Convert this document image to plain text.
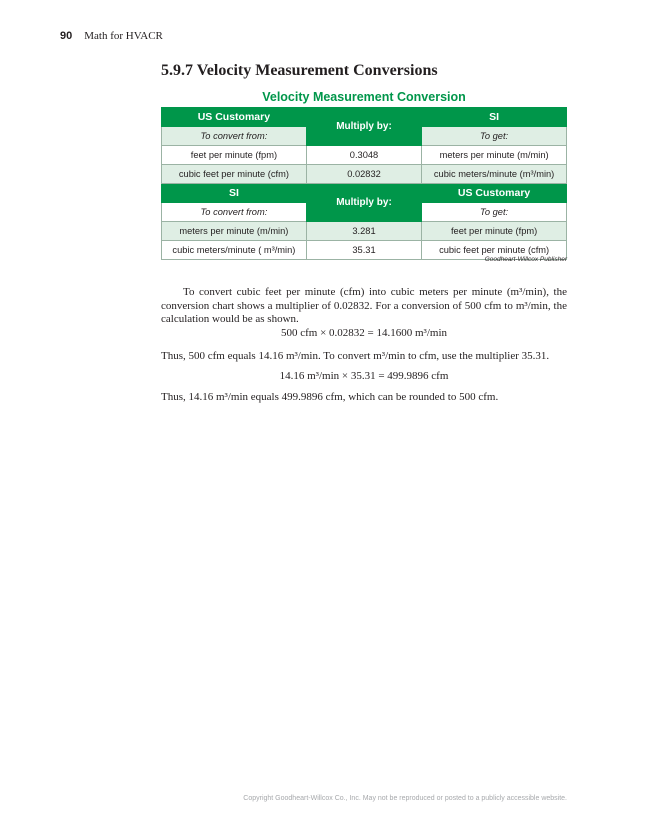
90 Math for HVACR
5.9.7 Velocity Measurement Conversions
Velocity Measurement Conversion
US Customary	Multiply by:	SI
To convert from:		To get:
feet per minute (fpm)	0.3048	meters per minute (m/min)
cubic feet per minute (cfm)	0.02832	cubic meters/minute (m³/min)
SI	Multiply by:	US Customary
To convert from:		To get:
meters per minute (m/min)	3.281	feet per minute (fpm)
cubic meters/minute ( m³/min)	35.31	cubic feet per minute (cfm)
Goodheart-Willcox Publisher

To convert cubic feet per minute (cfm) into cubic meters per minute (m³/min), the conversion chart shows a multiplier of 0.02832. For a conversion of 500 cfm to m³/min, the calculation would be as shown.

500 cfm × 0.02832 = 14.1600 m³/min

Thus, 500 cfm equals 14.16 m³/min. To convert m³/min to cfm, use the multiplier 35.31.

14.16 m³/min × 35.31 = 499.9896 cfm

Thus, 14.16 m³/min equals 499.9896 cfm, which can be rounded to 500 cfm.

Copyright Goodheart-Willcox Co., Inc. May not be reproduced or posted to a publicly accessible website.
